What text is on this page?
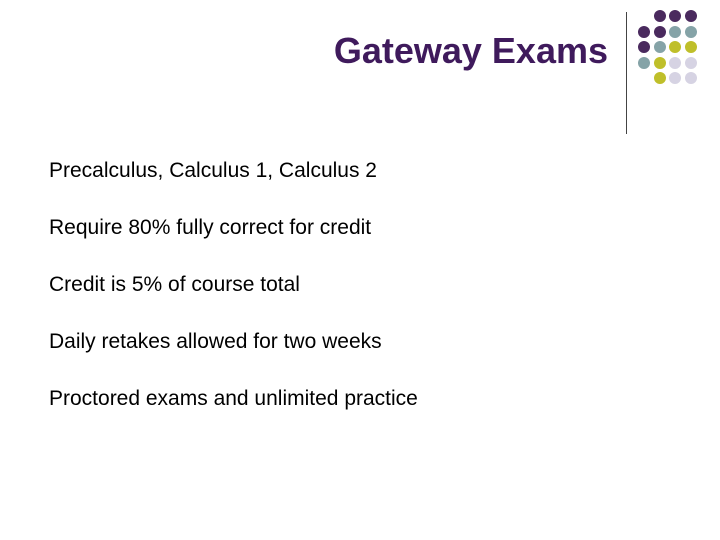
Gateway Exams
Precalculus, Calculus 1, Calculus 2
Require 80% fully correct for credit
Credit is 5% of course total
Daily retakes allowed for two weeks
Proctored exams and unlimited practice
